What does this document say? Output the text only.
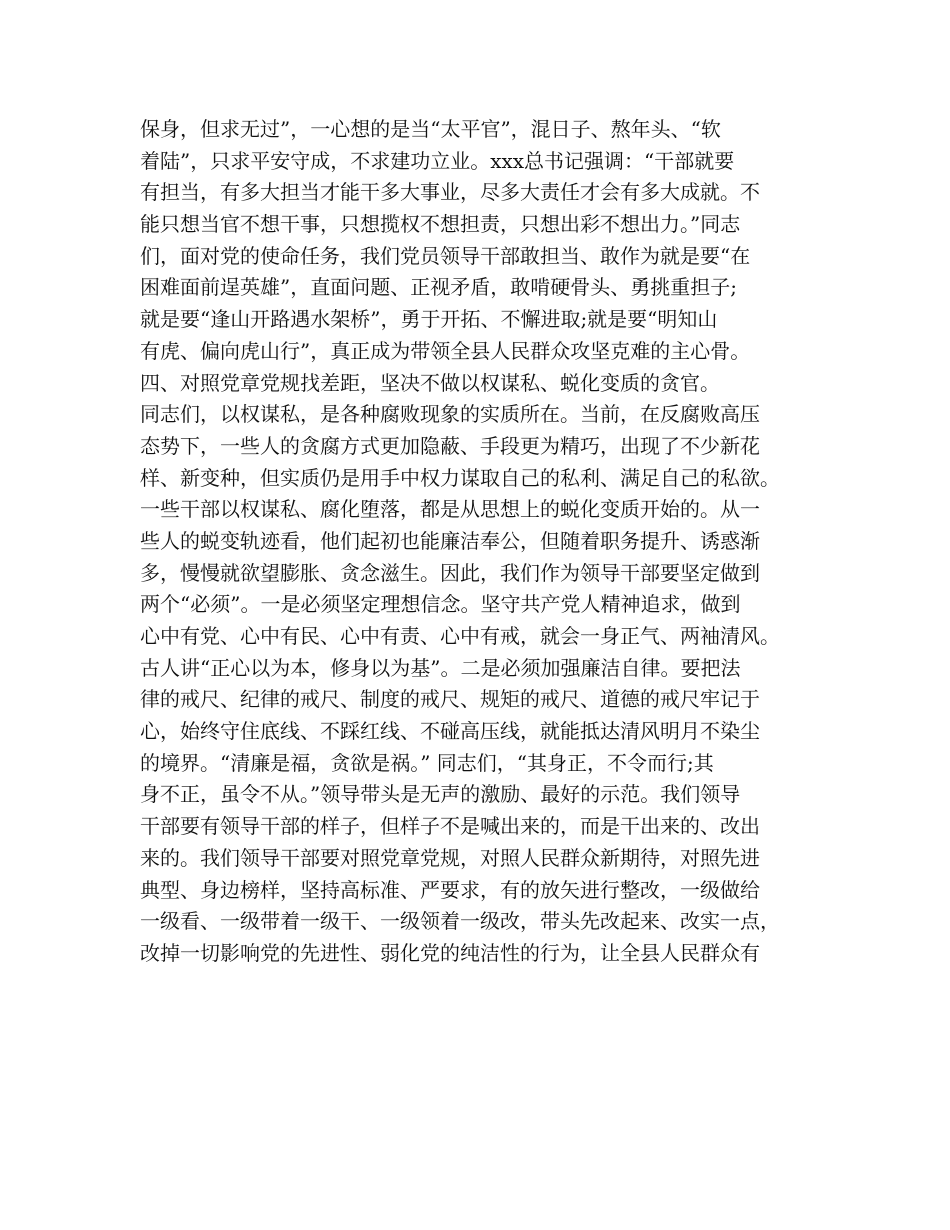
保身，但求无过”，一心想的是当“太平官”，混日子、熬年头、“软
着陆”，只求平安守成，不求建功立业。xxx总书记强调：“干部就要
有担当，有多大担当才能干多大事业，尽多大责任才会有多大成就。不
能只想当官不想干事，只想揽权不想担责，只想出彩不想出力。”同志
们，面对党的使命任务，我们党员领导干部敢担当、敢作为就是要“在
困难面前逞英雄”，直面问题、正视矛盾，敢啃硬骨头、勇挑重担子;
就是要“逢山开路遇水架桥”，勇于开拓、不懈进取;就是要“明知山
有虎、偏向虎山行”，真正成为带领全县人民群众攻坚克难的主心骨。
四、对照党章党规找差距，坚决不做以权谋私、蜕化变质的贪官。
同志们，以权谋私，是各种腐败现象的实质所在。当前，在反腐败高压
态势下，一些人的贪腐方式更加隐蔽、手段更为精巧，出现了不少新花
样、新变种，但实质仍是用手中权力谋取自己的私利、满足自己的私欲。
一些干部以权谋私、腐化堕落，都是从思想上的蜕化变质开始的。从一
些人的蜕变轨迹看，他们起初也能廉洁奉公，但随着职务提升、诱惑渐
多，慢慢就欲望膨胀、贪念滋生。因此，我们作为领导干部要坚定做到
两个“必须”。一是必须坚定理想信念。坚守共产党人精神追求，做到
心中有党、心中有民、心中有责、心中有戒，就会一身正气、两袖清风。
古人讲“正心以为本，修身以为基”。二是必须加强廉洁自律。要把法
律的戒尺、纪律的戒尺、制度的戒尺、规矩的戒尺、道德的戒尺牢记于
心，始终守住底线、不踩红线、不碰高压线，就能抵达清风明月不染尘
的境界。“清廉是福，贪欲是祸。” 同志们，“其身正，不令而行;其
身不正，虽令不从。”领导带头是无声的激励、最好的示范。我们领导
干部要有领导干部的样子，但样子不是喊出来的，而是干出来的、改出
来的。我们领导干部要对照党章党规，对照人民群众新期待，对照先进
典型、身边榜样，坚持高标准、严要求，有的放矢进行整改，一级做给
一级看、一级带着一级干、一级领着一级改，带头先改起来、改实一点，
改掉一切影响党的先进性、弱化党的纯洁性的行为，让全县人民群众有
